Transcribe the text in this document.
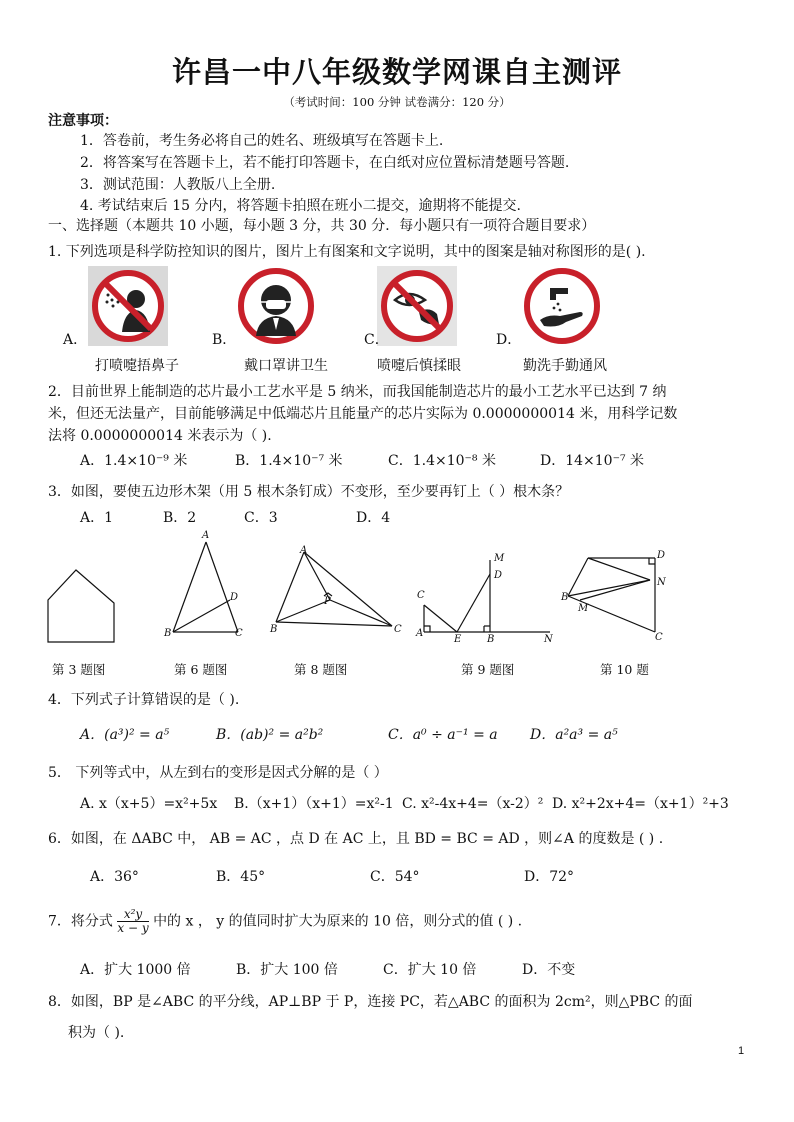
许昌一中八年级数学网课自主测评
（考试时间：100 分钟 试卷满分：120 分）
注意事项：
1．答卷前，考生务必将自己的姓名、班级填写在答题卡上.
2．将答案写在答题卡上，若不能打印答题卡，在白纸对应位置标清楚题号答题.
3．测试范围：人教版八上全册.
4. 考试结束后 15 分内，将答题卡拍照在班小二提交，逾期将不能提交.
一、选择题（本题共 10 小题，每小题 3 分，共 30 分．每小题只有一项符合题目要求）
1. 下列选项是科学防控知识的图片，图片上有图案和文字说明，其中的图案是轴对称图形的是( ).
A．	B．	C．	D．
打喷嚏捂鼻子	戴口罩讲卫生	喷嚏后慎揉眼	勤洗手勤通风
2．目前世界上能制造的芯片最小工艺水平是 5 纳米，而我国能制造芯片的最小工艺水平已达到 7 纳
米，但还无法量产，目前能够满足中低端芯片且能量产的芯片实际为 0.0000000014 米，用科学记数
法将 0.0000000014 米表示为（ ).
A．1.4×10⁻⁹ 米	B．1.4×10⁻⁷ 米	C．1.4×10⁻⁸ 米	D．14×10⁻⁷ 米
3．如图，要使五边形木架（用 5 根木条钉成）不变形，至少要再钉上（ ）根木条？
A．1	B．2	C．3	D．4
A
B	C
D
A
B	C
P
M
D
C
A
E	B	N
D
N
B
M
C
第 3 题图	第 6 题图	第 8 题图	第 9 题图	第 10 题
4．下列式子计算错误的是（ ).
A．(a³)² = a⁵	B．(ab)² = a²b²	C．a⁰ ÷ a⁻¹ = a D．a²a³ = a⁵
5． 下列等式中，从左到右的变形是因式分解的是（ ）
A. x（x+5）=x²+5x B.（x+1）（x+1）=x²-1 C. x²-4x+4=（x-2）² D. x²+2x+4=（x+1）²+3
6．如图，在 ΔABC 中， AB = AC ，点 D 在 AC 上，且 BD = BC = AD ，则∠A 的度数是 ( ) .
A．36°	B．45°	C．54°	D．72°
7．将分式 $\frac{\text{x²y}}{x - y}$ 中的 x ， y 的值同时扩大为原来的 10 倍，则分式的值 ( ) .
A．扩大 1000 倍	B．扩大 100 倍	C．扩大 10 倍	D．不变
8．如图，BP 是∠ABC 的平分线，AP⊥BP 于 P，连接 PC，若△ABC 的面积为 2cm²，则△PBC 的面
积为（ ).
1
